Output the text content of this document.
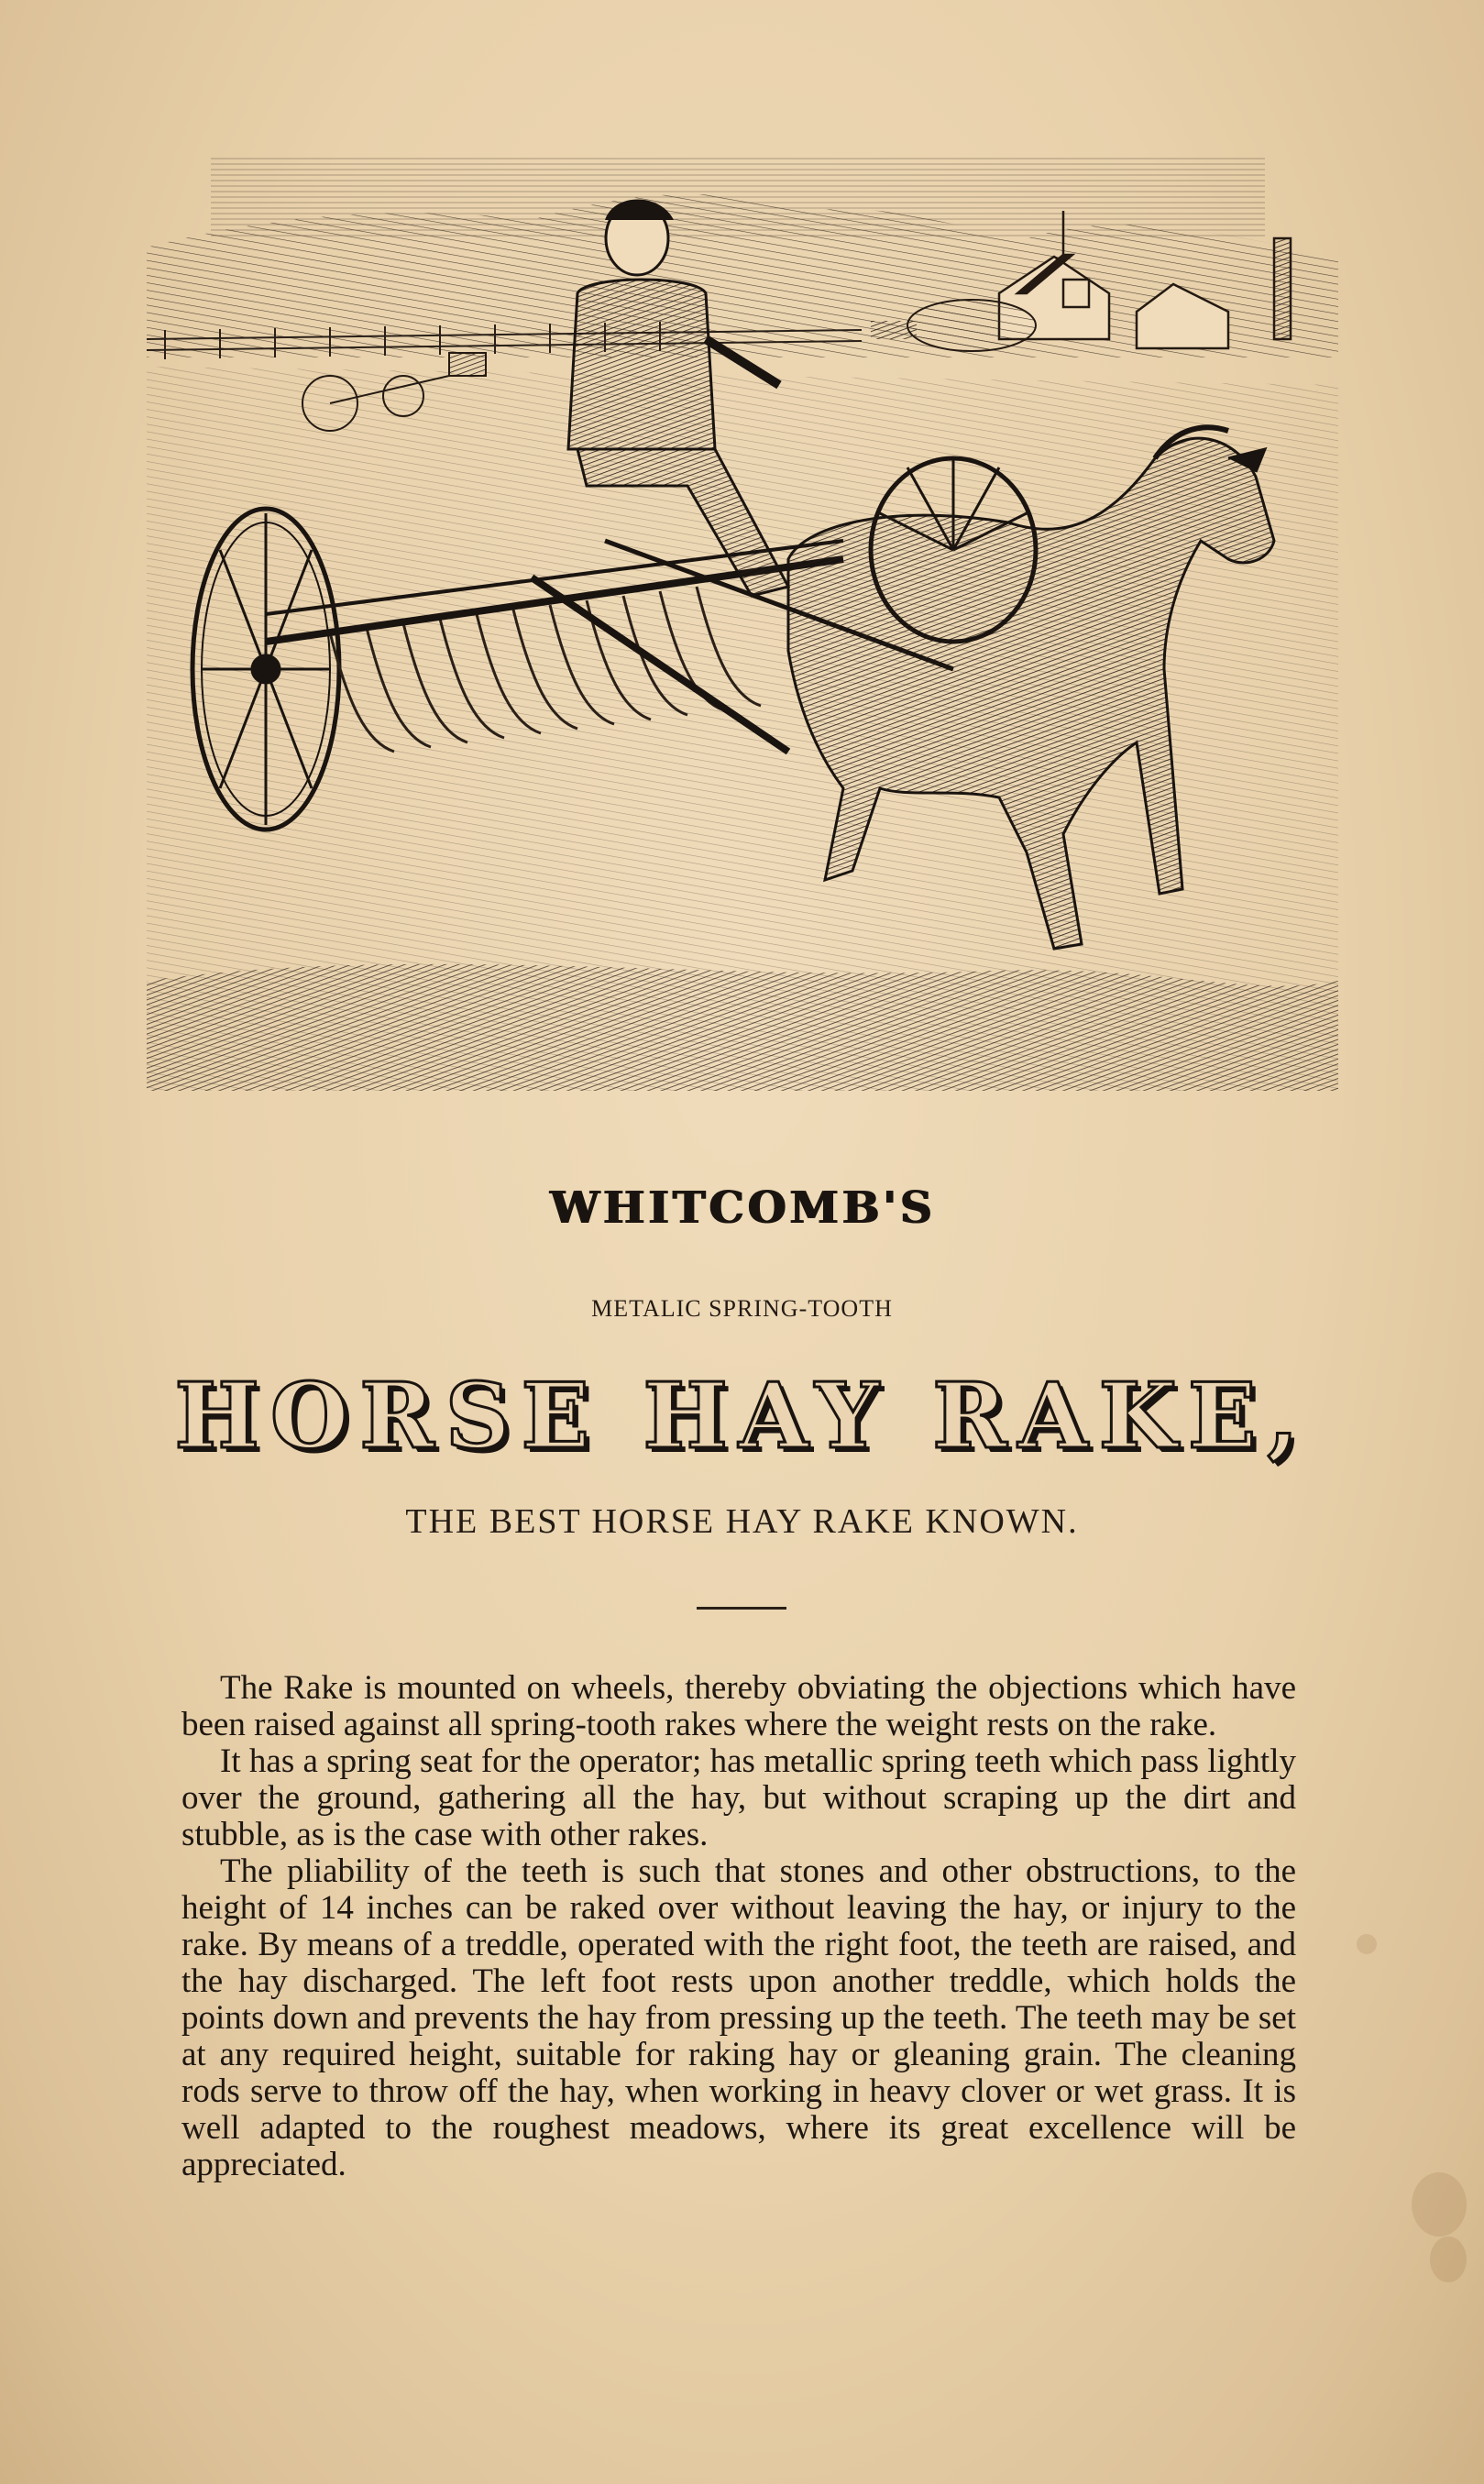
WHITCOMB'S
METALIC SPRING-TOOTH
HORSE HAY RAKE,
THE BEST HORSE HAY RAKE KNOWN.

The Rake is mounted on wheels, thereby obviating the objections which have been raised against all spring-tooth rakes where the weight rests on the rake.

It has a spring seat for the operator; has metallic spring teeth which pass lightly over the ground, gathering all the hay, but without scraping up the dirt and stubble, as is the case with other rakes.

The pliability of the teeth is such that stones and other obstructions, to the height of 14 inches can be raked over without leaving the hay, or injury to the rake. By means of a treddle, operated with the right foot, the teeth are raised, and the hay discharged. The left foot rests upon another treddle, which holds the points down and prevents the hay from pressing up the teeth. The teeth may be set at any required height, suitable for raking hay or gleaning grain. The cleaning rods serve to throw off the hay, when working in heavy clover or wet grass. It is well adapted to the roughest meadows, where its great excellence will be appreciated.
